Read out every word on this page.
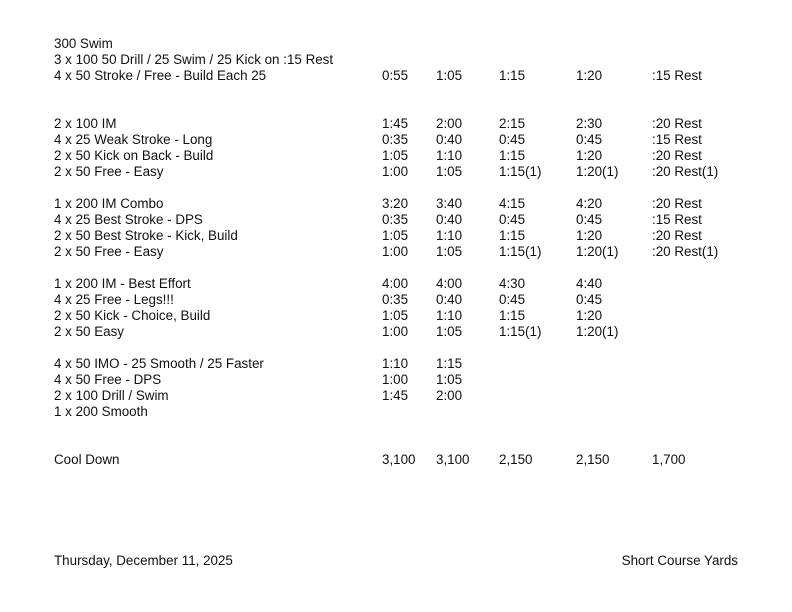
300 Swim
3 x 100 50 Drill / 25 Swim / 25 Kick on :15 Rest
4 x 50 Stroke / Free - Build Each 25	0:55 1:05	1:15	1:20	:15 Rest
2 x 100 IM	1:45 2:00	2:15	2:30	:20 Rest
4 x 25 Weak Stroke - Long	0:35 0:40	0:45	0:45	:15 Rest
2 x 50 Kick on Back - Build	1:05 1:10	1:15	1:20	:20 Rest
2 x 50 Free - Easy	1:00 1:05	1:15(1)	1:20(1)	:20 Rest(1)
1 x 200 IM Combo	3:20 3:40	4:15	4:20	:20 Rest
4 x 25 Best Stroke - DPS	0:35 0:40	0:45	0:45	:15 Rest
2 x 50 Best Stroke - Kick, Build	1:05 1:10	1:15	1:20	:20 Rest
2 x 50 Free - Easy	1:00 1:05	1:15(1)	1:20(1)	:20 Rest(1)
1 x 200 IM - Best Effort	4:00 4:00	4:30	4:40
4 x 25 Free - Legs!!!	0:35 0:40	0:45	0:45
2 x 50 Kick - Choice, Build	1:05 1:10	1:15	1:20
2 x 50 Easy	1:00 1:05	1:15(1)	1:20(1)
4 x 50 IMO - 25 Smooth / 25 Faster	1:10 1:15
4 x 50 Free - DPS	1:00 1:05
2 x 100 Drill / Swim	1:45 2:00
1 x 200 Smooth
Cool Down	3,100 3,100 2,150	2,150	1,700
Thursday, December 11, 2025	Short Course Yards
